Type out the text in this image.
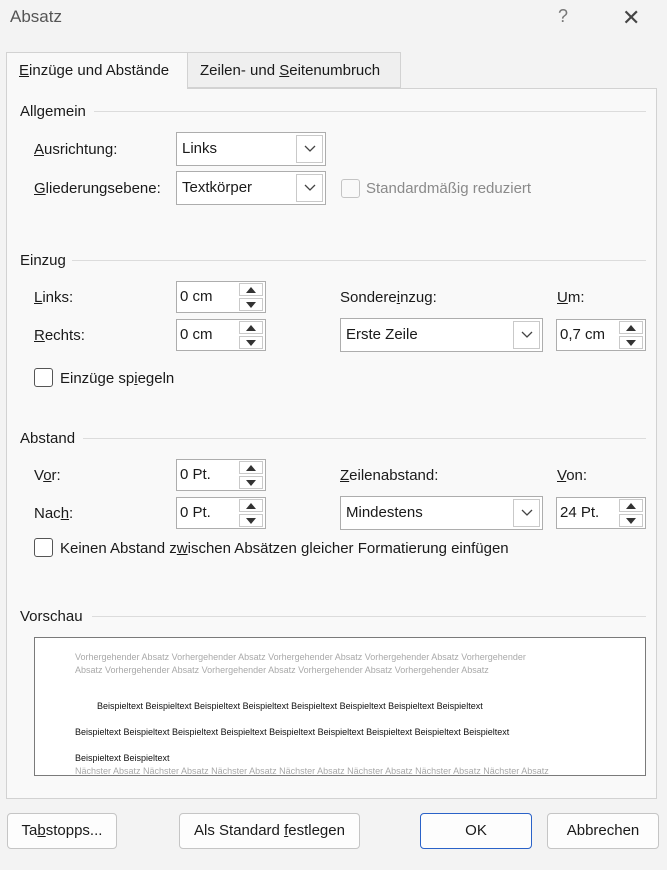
Absatz	? ✕
Einzüge und Abstände	Zeilen- und Seitenumbruch
Allgemein
Ausrichtung:	Links
Gliederungsebene: Textkörper	Standardmäßig reduziert
Einzug
Links:	0 cm
Rechts:	0 cm
Sondereinzug:
Erste Zeile
Um:
0,7 cm
Einzüge spiegeln
Abstand
Vor:	0 Pt.
Nach:	0 Pt.
Zeilenabstand:
Mindestens
Von:
24 Pt.
Keinen Abstand zwischen Absätzen gleicher Formatierung einfügen
Vorschau
Vorhergehender Absatz Vorhergehender Absatz Vorhergehender Absatz Vorhergehender Absatz Vorhergehender
Absatz Vorhergehender Absatz Vorhergehender Absatz Vorhergehender Absatz Vorhergehender Absatz
Beispieltext Beispieltext Beispieltext Beispieltext Beispieltext Beispieltext Beispieltext Beispieltext
Beispieltext Beispieltext Beispieltext Beispieltext Beispieltext Beispieltext Beispieltext Beispieltext Beispieltext
Beispieltext Beispieltext
Nächster Absatz Nächster Absatz Nächster Absatz Nächster Absatz Nächster Absatz Nächster Absatz Nächster Absatz
Tabstopps...	Als Standard festlegen	OK	Abbrechen
